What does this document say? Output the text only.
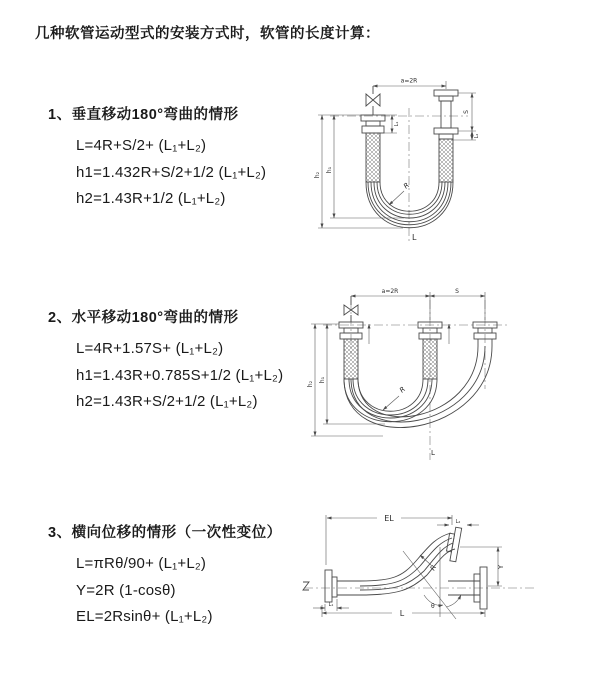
几种软管运动型式的安装方式时，软管的长度计算：
1、垂直移动180°弯曲的情形
L=4R+S/2+ (L₁+L₂)
h1=1.432R+S/2+1/2 (L₁+L₂)
h2=1.43R+1/2 (L₁+L₂)
2、水平移动180°弯曲的情形
L=4R+1.57S+ (L₁+L₂)
h1=1.43R+0.785S+1/2 (L₁+L₂)
h2=1.43R+S/2+1/2 (L₁+L₂)
3、横向位移的情形（一次性变位）
L=πRθ/90+ (L₁+L₂)
Y=2R (1-cosθ)
EL=2Rsinθ+ (L₁+L₂)
a=2R
h₂
h₁
L₁
S
L₂
R
L
a=2R	S
h₂
h₁
R
L
EL	L₂
Y
θ
R
L₁
L
